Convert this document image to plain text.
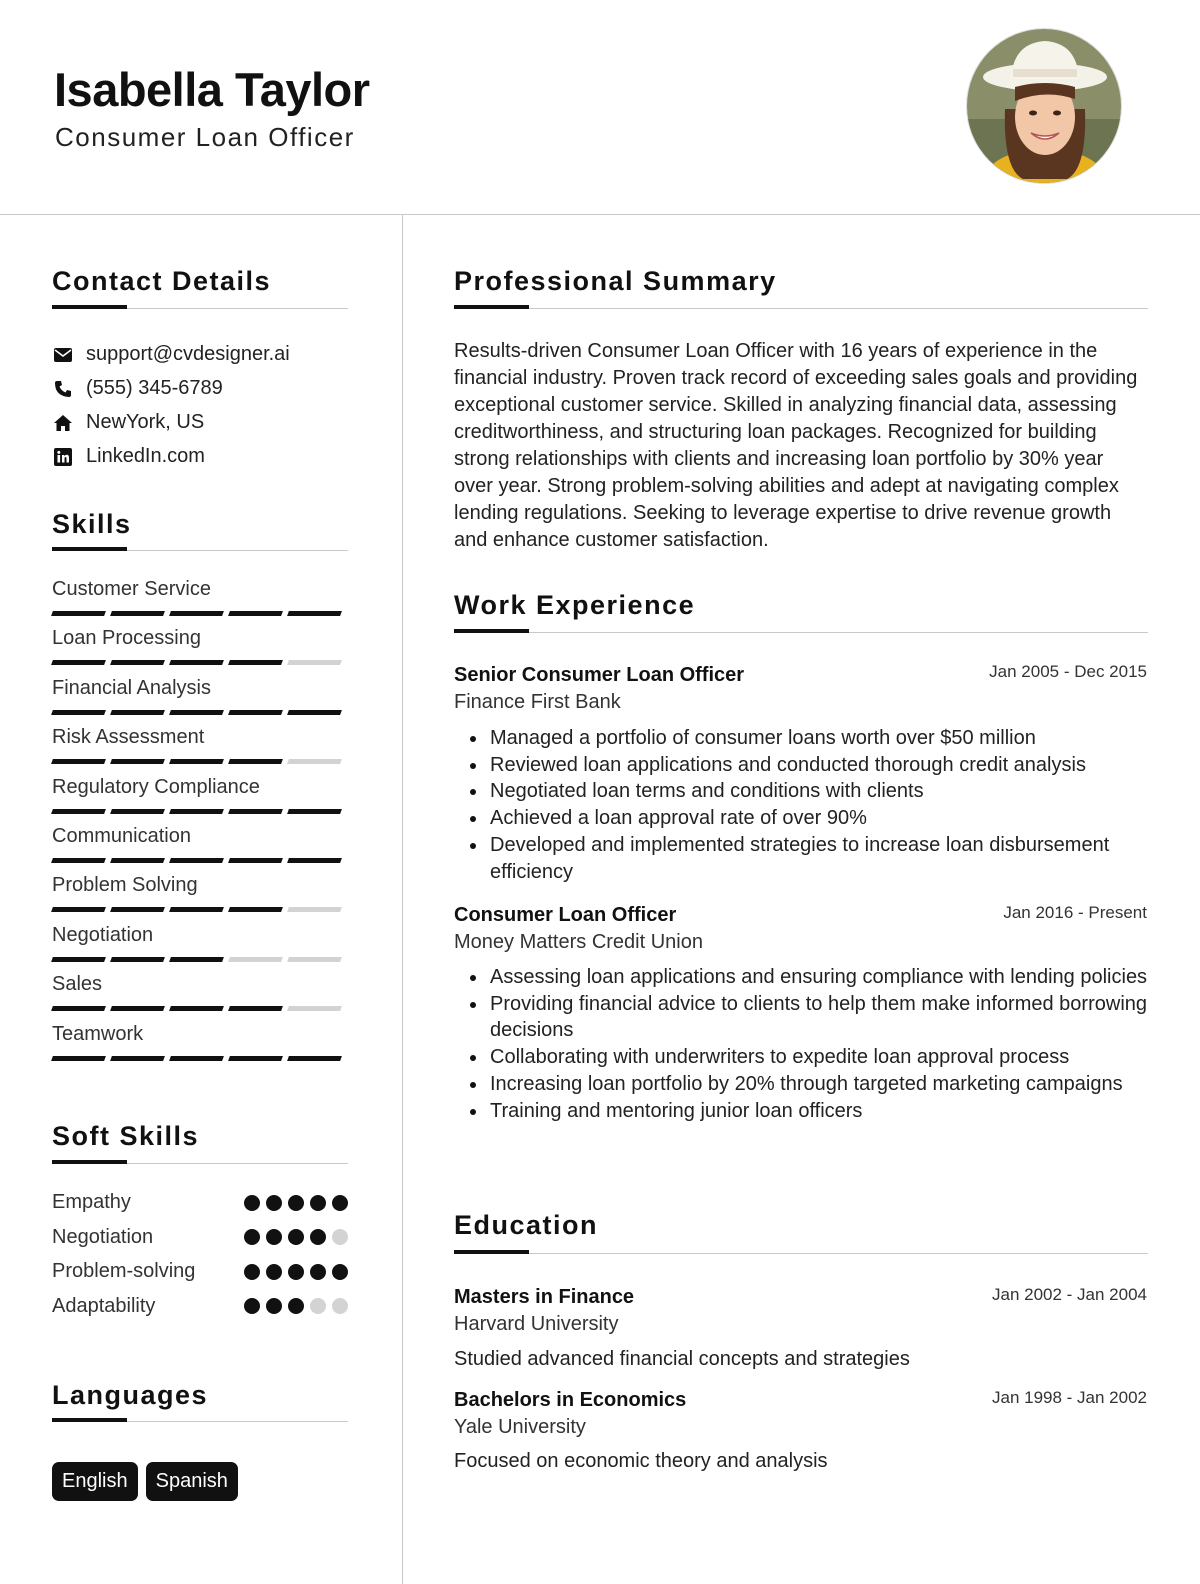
Isabella Taylor
Consumer Loan Officer
Contact Details
support@cvdesigner.ai
(555) 345-6789
NewYork, US
LinkedIn.com
Skills
Customer Service
Loan Processing
Financial Analysis
Risk Assessment
Regulatory Compliance
Communication
Problem Solving
Negotiation
Sales
Teamwork
Soft Skills
Empathy
Negotiation
Problem-solving
Adaptability
Languages
English	Spanish
Professional Summary
Results-driven Consumer Loan Officer with 16 years of experience in the financial industry. Proven track record of exceeding sales goals and providing exceptional customer service. Skilled in analyzing financial data, assessing creditworthiness, and structuring loan packages. Recognized for building strong relationships with clients and increasing loan portfolio by 30% year over year. Strong problem-solving abilities and adept at navigating complex lending regulations. Seeking to leverage expertise to drive revenue growth and enhance customer satisfaction.
Work Experience
Senior Consumer Loan Officer	Jan 2005 - Dec 2015
Finance First Bank
Managed a portfolio of consumer loans worth over $50 million
Reviewed loan applications and conducted thorough credit analysis
Negotiated loan terms and conditions with clients
Achieved a loan approval rate of over 90%
Developed and implemented strategies to increase loan disbursement efficiency
Consumer Loan Officer	Jan 2016 - Present
Money Matters Credit Union
Assessing loan applications and ensuring compliance with lending policies
Providing financial advice to clients to help them make informed borrowing decisions
Collaborating with underwriters to expedite loan approval process
Increasing loan portfolio by 20% through targeted marketing campaigns
Training and mentoring junior loan officers
Education
Masters in Finance	Jan 2002 - Jan 2004
Harvard University
Studied advanced financial concepts and strategies
Bachelors in Economics	Jan 1998 - Jan 2002
Yale University
Focused on economic theory and analysis
